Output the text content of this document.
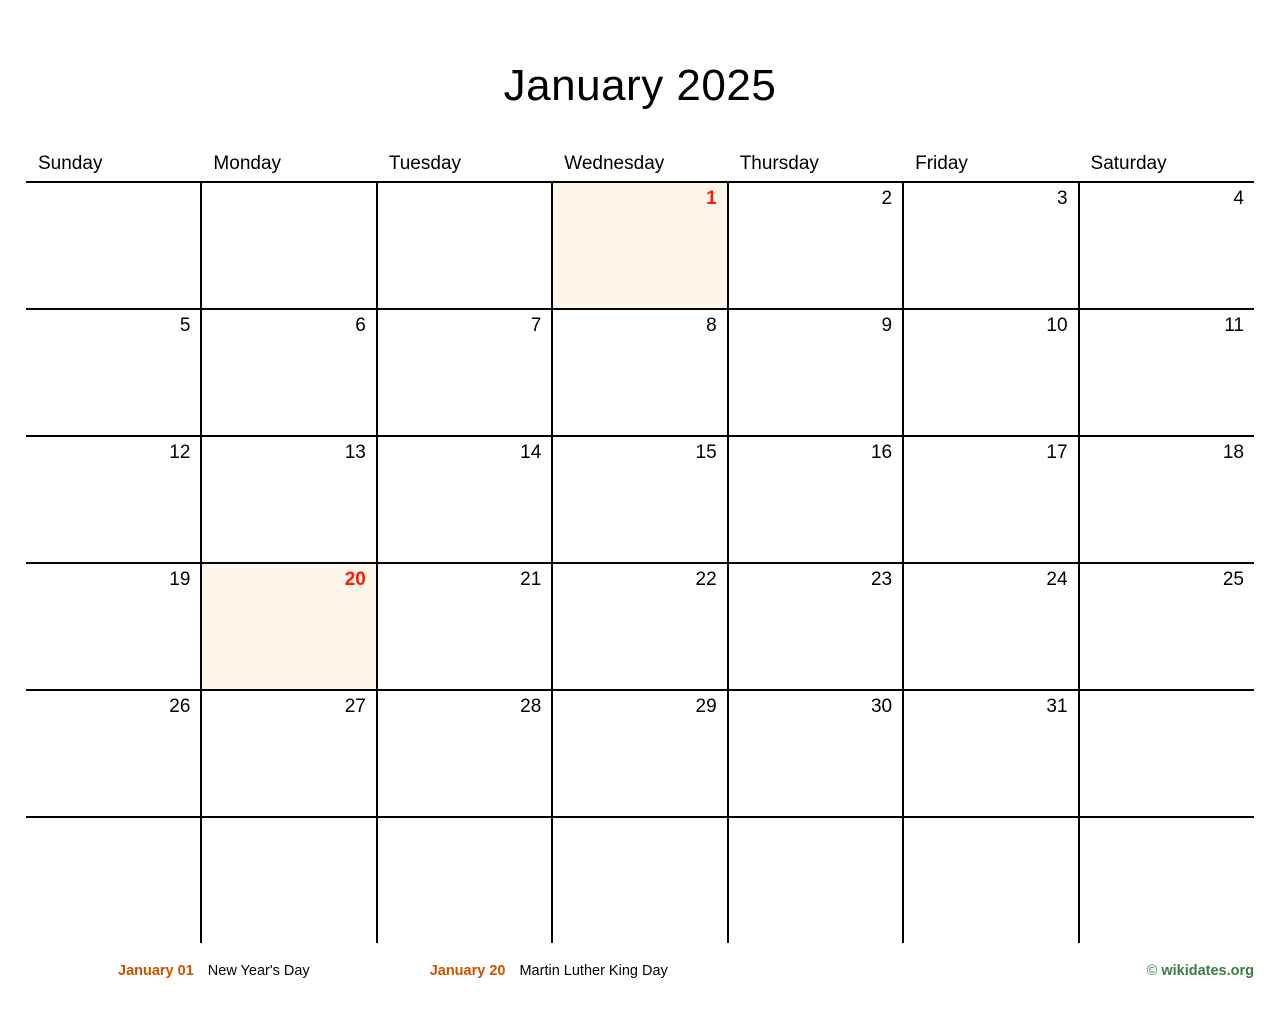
January 2025
Sunday	Monday	Tuesday	Wednesday	Thursday	Friday	Saturday

			1	2	3	4

5	6	7	8	9	10	11

12	13	14	15	16	17	18

19	20	21	22	23	24	25

26	27	28	29	30	31	

January 01 New Year's Day	January 20 Martin Luther King Day	© wikidates.org
